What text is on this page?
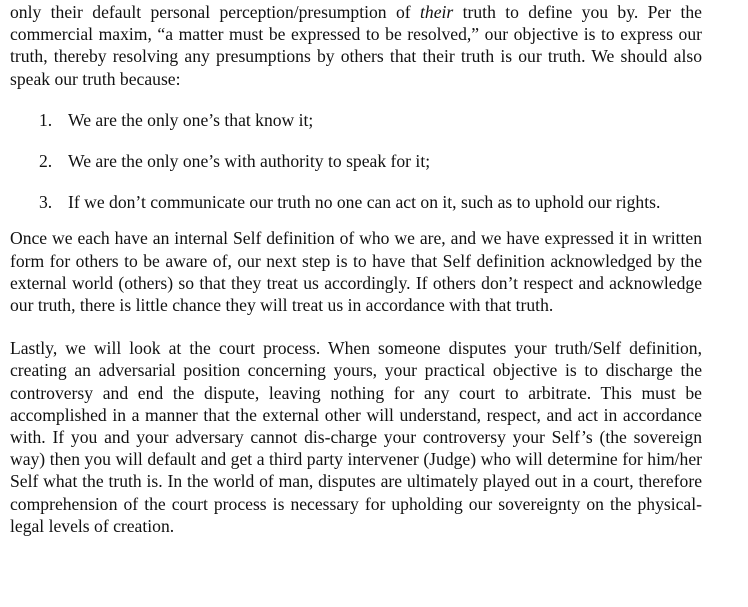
only their default personal perception/presumption of their truth to define you by. Per the commercial maxim, “a matter must be expressed to be resolved,” our objective is to express our truth, thereby resolving any presumptions by others that their truth is our truth. We should also speak our truth because:

1. We are the only one’s that know it;
2. We are the only one’s with authority to speak for it;
3. If we don’t communicate our truth no one can act on it, such as to uphold our rights.

Once we each have an internal Self definition of who we are, and we have expressed it in written form for others to be aware of, our next step is to have that Self definition acknowledged by the external world (others) so that they treat us accordingly. If others don’t respect and acknowledge our truth, there is little chance they will treat us in accordance with that truth.

Lastly, we will look at the court process. When someone disputes your truth/Self definition, creating an adversarial position concerning yours, your practical objective is to discharge the controversy and end the dispute, leaving nothing for any court to arbitrate. This must be accomplished in a manner that the external other will understand, respect, and act in accordance with. If you and your adversary cannot dis-charge your controversy your Self’s (the sovereign way) then you will default and get a third party intervener (Judge) who will determine for him/her Self what the truth is. In the world of man, disputes are ultimately played out in a court, therefore comprehension of the court process is necessary for upholding our sovereignty on the physical-legal levels of creation.
